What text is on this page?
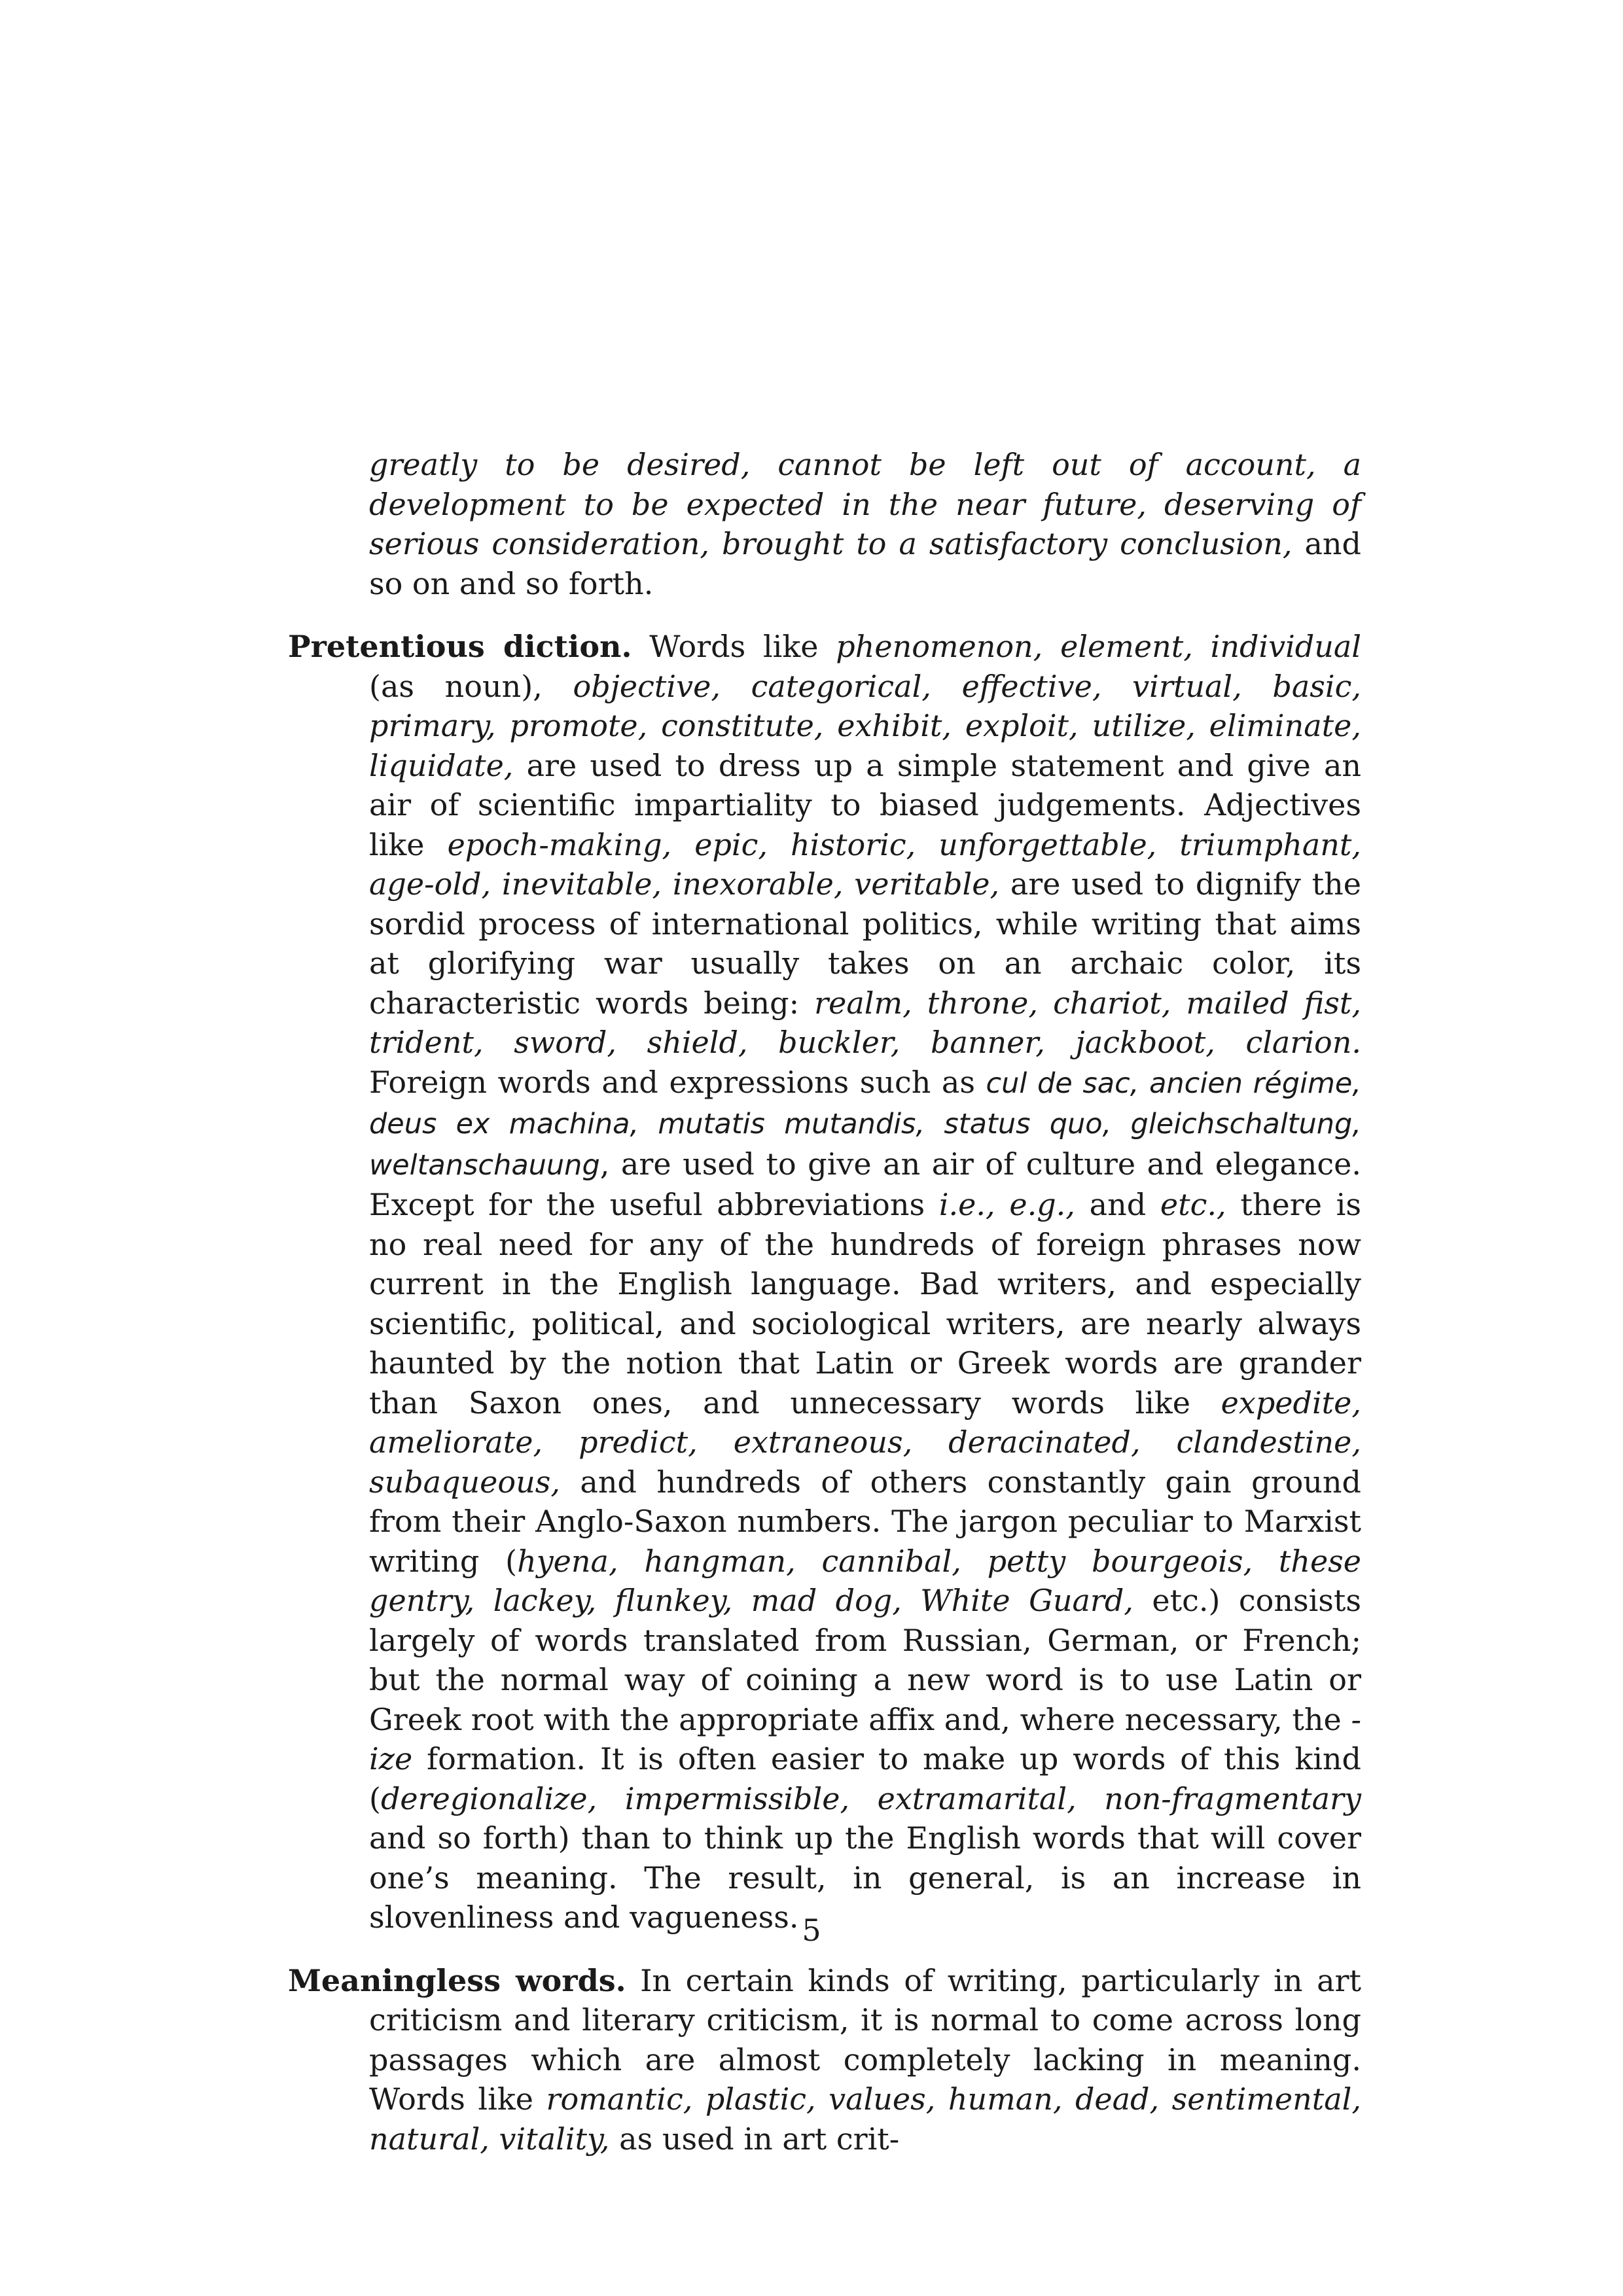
greatly to be desired, cannot be left out of account, a development to be expected in the near future, deserving of serious consideration, brought to a satisfactory conclusion, and so on and so forth.

Pretentious diction. Words like phenomenon, element, individual (as noun), objective, categorical, effective, virtual, basic, primary, promote, constitute, exhibit, exploit, utilize, eliminate, liquidate, are used to dress up a simple statement and give an air of scientific impartiality to biased judgements. Adjectives like epoch-making, epic, historic, unforgettable, triumphant, age-old, inevitable, inexorable, veritable, are used to dignify the sordid process of international politics, while writing that aims at glorifying war usually takes on an archaic color, its characteristic words being: realm, throne, chariot, mailed fist, trident, sword, shield, buckler, banner, jackboot, clarion. Foreign words and expressions such as cul de sac, ancien régime, deus ex machina, mutatis mutandis, status quo, gleichschaltung, weltanschauung, are used to give an air of culture and elegance. Except for the useful abbreviations i.e., e.g., and etc., there is no real need for any of the hundreds of foreign phrases now current in the English language. Bad writers, and especially scientific, political, and sociological writers, are nearly always haunted by the notion that Latin or Greek words are grander than Saxon ones, and unnecessary words like expedite, ameliorate, predict, extraneous, deracinated, clandestine, subaqueous, and hundreds of others constantly gain ground from their Anglo-Saxon numbers. The jargon peculiar to Marxist writing (hyena, hangman, cannibal, petty bourgeois, these gentry, lackey, flunkey, mad dog, White Guard, etc.) consists largely of words translated from Russian, German, or French; but the normal way of coining a new word is to use Latin or Greek root with the appropriate affix and, where necessary, the -ize formation. It is often easier to make up words of this kind (deregionalize, impermissible, extramarital, non-fragmentary and so forth) than to think up the English words that will cover one’s meaning. The result, in general, is an increase in slovenliness and vagueness.

Meaningless words. In certain kinds of writing, particularly in art criticism and literary criticism, it is normal to come across long passages which are almost completely lacking in meaning. Words like romantic, plastic, values, human, dead, sentimental, natural, vitality, as used in art crit-

5
